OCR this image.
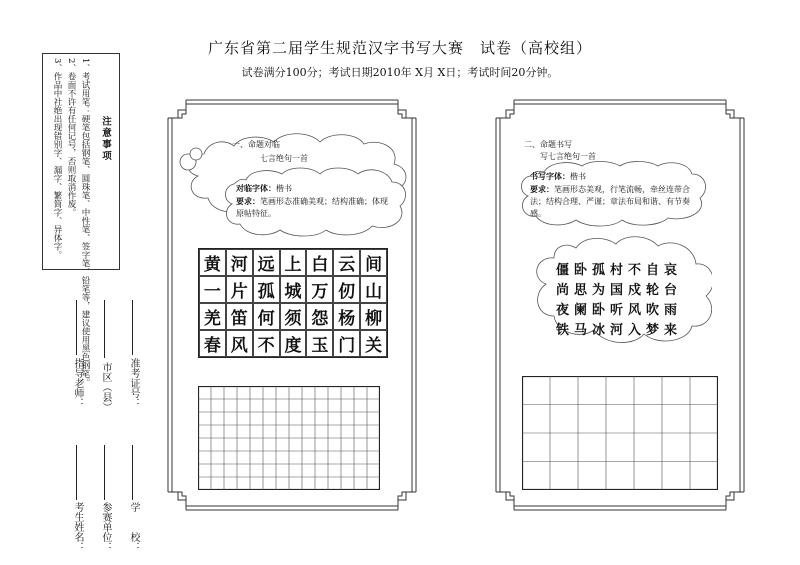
广东省第二届学生规范汉字书写大赛　试卷（高校组）
试卷满分100分；考试日期2010年 X月 X日；考试时间20分钟。
注意事项
1、考试用笔：硬笔包括钢笔、圆珠笔、中性笔、签字笔、铅笔等，建议使用黑色钢笔。
2、卷面不许有任何记号，否则取消作废。
3、作品中社绝出现错别字、漏字、繁简字、异体字。
指导老师： 市区（县） 准考证号：
考生姓名： 参赛单位： 学　　校：
一、命题对临
七言绝句一首
对临字体：楷书
要求：笔画形态准确美观；结构准确；体现原帖特征。
黄 河 远 上 白 云 间
一 片 孤 城 万 仞 山
羌 笛 何 须 怨 杨 柳
春 风 不 度 玉 门 关
二、命题书写
写七言绝句一首
书写字体：楷书
要求：笔画形态美观，行笔流畅，牵丝连带合法；结构合理、严谨；章法布局和谐、有节奏感。
僵卧孤村不自哀
尚思为国戍轮台
夜阑卧听风吹雨
铁马冰河入梦来
